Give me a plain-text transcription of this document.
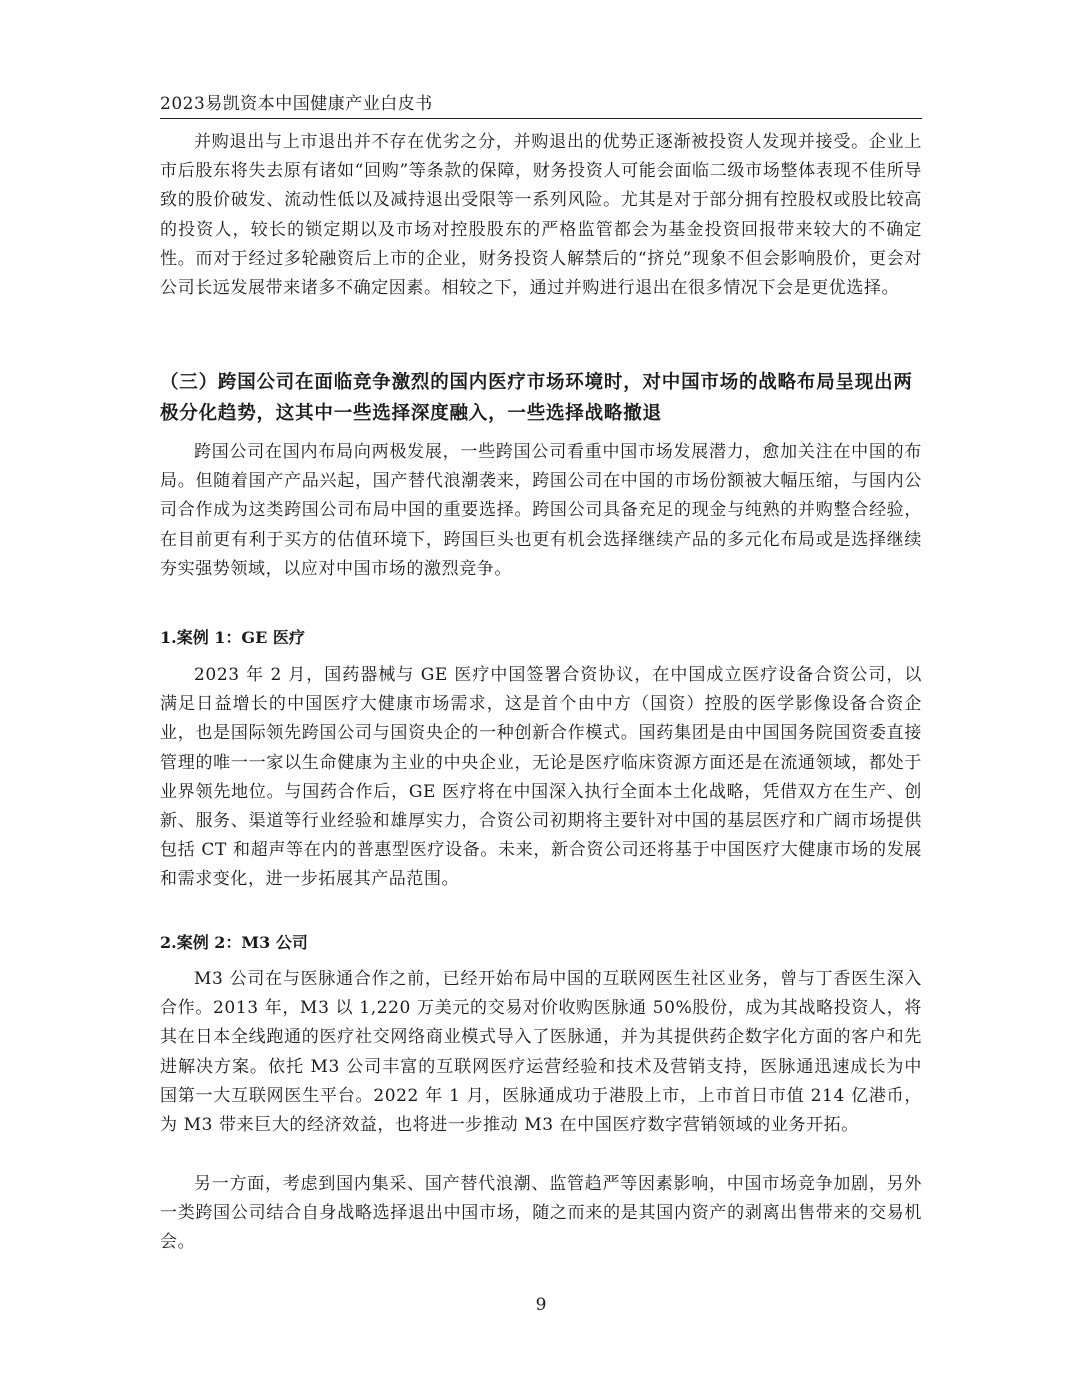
2023易凯资本中国健康产业白皮书

并购退出与上市退出并不存在优劣之分，并购退出的优势正逐渐被投资人发现并接受。企业上市后股东将失去原有诸如“回购”等条款的保障，财务投资人可能会面临二级市场整体表现不佳所导致的股价破发、流动性低以及减持退出受限等一系列风险。尤其是对于部分拥有控股权或股比较高的投资人，较长的锁定期以及市场对控股股东的严格监管都会为基金投资回报带来较大的不确定性。而对于经过多轮融资后上市的企业，财务投资人解禁后的“挤兑”现象不但会影响股价，更会对公司长远发展带来诸多不确定因素。相较之下，通过并购进行退出在很多情况下会是更优选择。

（三）跨国公司在面临竞争激烈的国内医疗市场环境时，对中国市场的战略布局呈现出两极分化趋势，这其中一些选择深度融入，一些选择战略撤退

跨国公司在国内布局向两极发展，一些跨国公司看重中国市场发展潜力，愈加关注在中国的布局。但随着国产产品兴起，国产替代浪潮袭来，跨国公司在中国的市场份额被大幅压缩，与国内公司合作成为这类跨国公司布局中国的重要选择。跨国公司具备充足的现金与纯熟的并购整合经验，在目前更有利于买方的估值环境下，跨国巨头也更有机会选择继续产品的多元化布局或是选择继续夯实强势领域，以应对中国市场的激烈竞争。

1.案例 1：GE 医疗

2023 年 2 月，国药器械与 GE 医疗中国签署合资协议，在中国成立医疗设备合资公司，以满足日益增长的中国医疗大健康市场需求，这是首个由中方（国资）控股的医学影像设备合资企业，也是国际领先跨国公司与国资央企的一种创新合作模式。国药集团是由中国国务院国资委直接管理的唯一一家以生命健康为主业的中央企业，无论是医疗临床资源方面还是在流通领域，都处于业界领先地位。与国药合作后，GE 医疗将在中国深入执行全面本土化战略，凭借双方在生产、创新、服务、渠道等行业经验和雄厚实力，合资公司初期将主要针对中国的基层医疗和广阔市场提供包括 CT 和超声等在内的普惠型医疗设备。未来，新合资公司还将基于中国医疗大健康市场的发展和需求变化，进一步拓展其产品范围。

2.案例 2：M3 公司

M3 公司在与医脉通合作之前，已经开始布局中国的互联网医生社区业务，曾与丁香医生深入合作。2013 年，M3 以 1,220 万美元的交易对价收购医脉通 50%股份，成为其战略投资人，将其在日本全线跑通的医疗社交网络商业模式导入了医脉通，并为其提供药企数字化方面的客户和先进解决方案。依托 M3 公司丰富的互联网医疗运营经验和技术及营销支持，医脉通迅速成长为中国第一大互联网医生平台。2022 年 1 月，医脉通成功于港股上市，上市首日市值 214 亿港币，为 M3 带来巨大的经济效益，也将进一步推动 M3 在中国医疗数字营销领域的业务开拓。

另一方面，考虑到国内集采、国产替代浪潮、监管趋严等因素影响，中国市场竞争加剧，另外一类跨国公司结合自身战略选择退出中国市场，随之而来的是其国内资产的剥离出售带来的交易机会。

9
